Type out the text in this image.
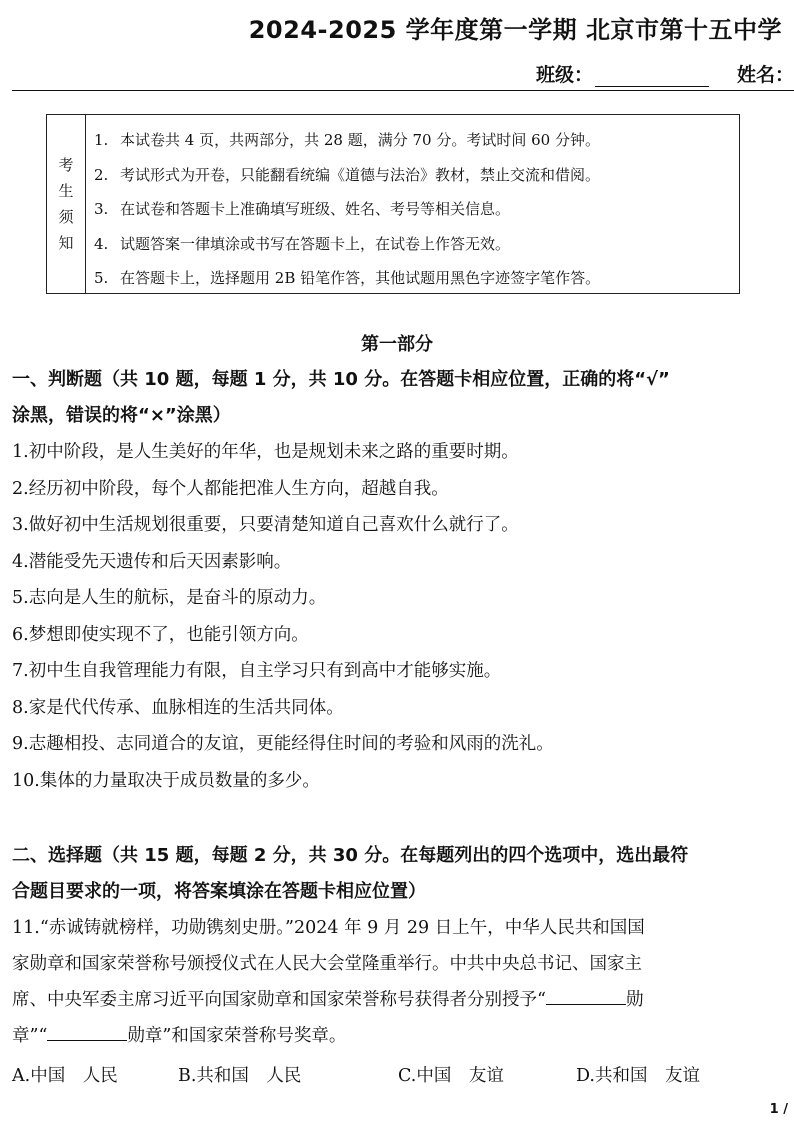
2024-2025 学年度第一学期 北京市第十五中学
班级：	姓名：
考
生
须
知
1. 本试卷共 4 页，共两部分，共 28 题，满分 70 分。考试时间 60 分钟。
2. 考试形式为开卷，只能翻看统编《道德与法治》教材，禁止交流和借阅。
3. 在试卷和答题卡上准确填写班级、姓名、考号等相关信息。
4. 试题答案一律填涂或书写在答题卡上，在试卷上作答无效。
5. 在答题卡上，选择题用 2B 铅笔作答，其他试题用黑色字迹签字笔作答。
第一部分
一、判断题（共 10 题，每题 1 分，共 10 分。在答题卡相应位置，正确的将“√”
涂黑，错误的将“×”涂黑）
1.初中阶段，是人生美好的年华，也是规划未来之路的重要时期。
2.经历初中阶段，每个人都能把准人生方向，超越自我。
3.做好初中生活规划很重要，只要清楚知道自己喜欢什么就行了。
4.潜能受先天遗传和后天因素影响。
5.志向是人生的航标，是奋斗的原动力。
6.梦想即使实现不了，也能引领方向。
7.初中生自我管理能力有限，自主学习只有到高中才能够实施。
8.家是代代传承、血脉相连的生活共同体。
9.志趣相投、志同道合的友谊，更能经得住时间的考验和风雨的洗礼。
10.集体的力量取决于成员数量的多少。
二、选择题（共 15 题，每题 2 分，共 30 分。在每题列出的四个选项中，选出最符
合题目要求的一项，将答案填涂在答题卡相应位置）
11.“赤诚铸就榜样，功勋镌刻史册。”2024 年 9 月 29 日上午，中华人民共和国国
家勋章和国家荣誉称号颁授仪式在人民大会堂隆重举行。中共中央总书记、国家主
席、中央军委主席习近平向国家勋章和国家荣誉称号获得者分别授予“	勋
章”“	勋章”和国家荣誉称号奖章。
A.中国　人民	B.共和国　人民	C.中国　友谊	D.共和国　友谊
1 /
